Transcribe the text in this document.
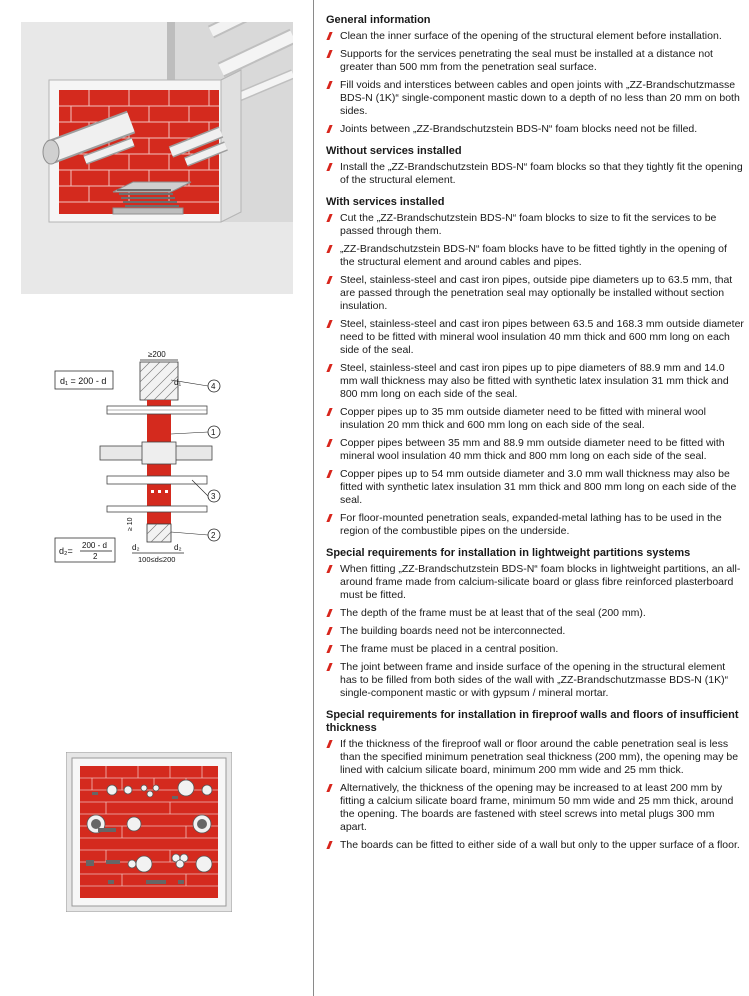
d₁ = 200 - d
d₂=
200 - d
2
≥200
d₁
≥ 10
d₂	d₂
100≤d≤200
4
1
3
2
General information
Clean the inner surface of the opening of the structural element before installation.
Supports for the services penetrating the seal must be installed at a distance not greater than 500 mm from the penetration seal surface.
Fill voids and interstices between cables and open joints with „ZZ-Brandschutzmasse BDS-N (1K)“ single-component mastic down to a depth of no less than 20 mm on both sides.
Joints between „ZZ-Brandschutzstein BDS-N“ foam blocks need not be filled.
Without services installed
Install the „ZZ-Brandschutzstein BDS-N“ foam blocks so that they tightly fit the opening of the structural element.
With services installed
Cut the „ZZ-Brandschutzstein BDS-N“ foam blocks to size to fit the services to be passed through them.
„ZZ-Brandschutzstein BDS-N“ foam blocks have to be fitted tightly in the opening of the structural element and around cables and pipes.
Steel, stainless-steel and cast iron pipes, outside pipe diameters up to 63.5 mm, that are passed through the penetration seal may optionally be installed without section insulation.
Steel, stainless-steel and cast iron pipes between 63.5 and 168.3 mm outside diameter need to be fitted with mineral wool insulation 40 mm thick and 600 mm long on each side of the seal.
Steel, stainless-steel and cast iron pipes up to pipe diameters of 88.9 mm and 14.0 mm wall thickness may also be fitted with synthetic latex insulation 31 mm thick and 800 mm long on each side of the seal.
Copper pipes up to 35 mm outside diameter need to be fitted with mineral wool insulation 20 mm thick and 600 mm long on each side of the seal.
Copper pipes between 35 mm and 88.9 mm outside diameter need to be fitted with mineral wool insulation 40 mm thick and 800 mm long on each side of the seal.
Copper pipes up to 54 mm outside diameter and 3.0 mm wall thickness may also be fitted with synthetic latex insulation 31 mm thick and 800 mm long on each side of the seal.
For floor-mounted penetration seals, expanded-metal lathing has to be used in the region of the combustible pipes on the underside.
Special requirements for installation in lightweight partitions systems
When fitting „ZZ-Brandschutzstein BDS-N“ foam blocks in lightweight partitions, an all-around frame made from calcium-silicate board or glass fibre reinforced plasterboard must be fitted.
The depth of the frame must be at least that of the seal (200 mm).
The building boards need not be interconnected.
The frame must be placed in a central position.
The joint between frame and inside surface of the opening in the structural element has to be filled from both sides of the wall with „ZZ-Brandschutzmasse BDS-N (1K)“ single-component mastic or with gypsum / mineral mortar.
Special requirements for installation in fireproof walls and floors of insufficient thickness
If the thickness of the fireproof wall or floor around the cable penetration seal is less than the specified minimum penetration seal thickness (200 mm), the opening may be lined with calcium silicate board, minimum 200 mm wide and 25 mm thick.
Alternatively, the thickness of the opening may be increased to at least 200 mm by fitting a calcium silicate board frame, minimum 50 mm wide and 25 mm thick, around the opening. The boards are fastened with steel screws into metal plugs 300 mm apart.
The boards can be fitted to either side of a wall but only to the upper surface of a floor.
